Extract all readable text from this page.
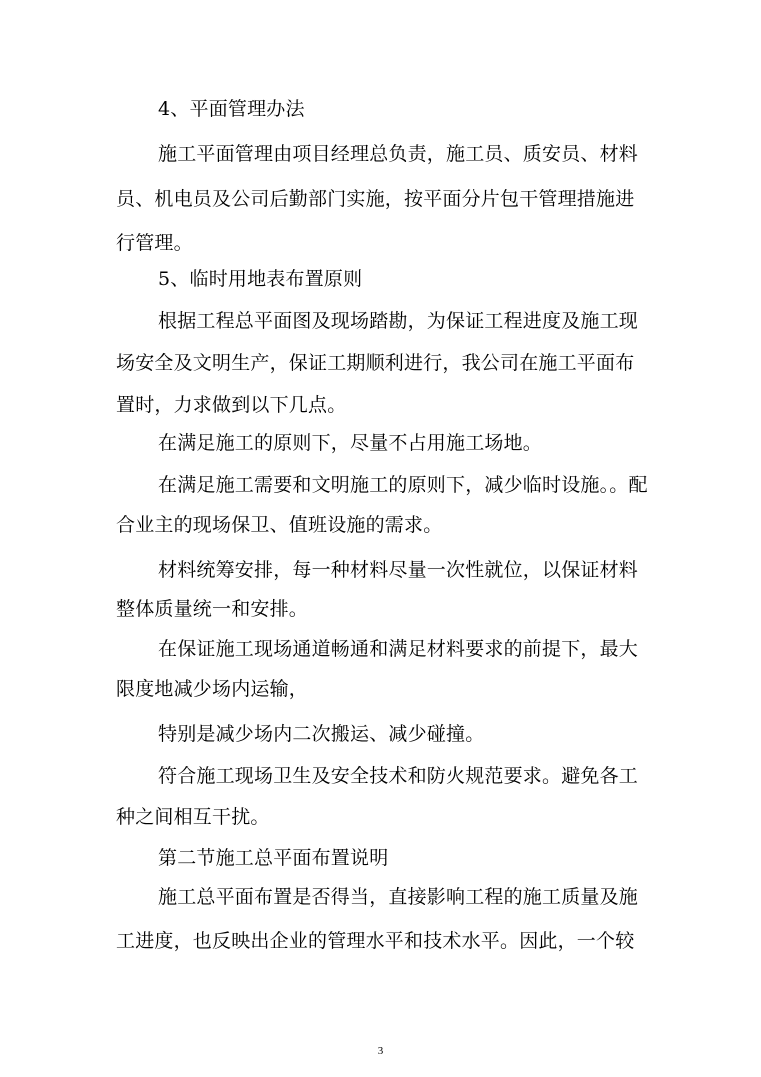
4、平面管理办法
施工平面管理由项目经理总负责，施工员、质安员、材料
员、机电员及公司后勤部门实施，按平面分片包干管理措施进
行管理。
5、临时用地表布置原则
根据工程总平面图及现场踏勘，为保证工程进度及施工现
场安全及文明生产，保证工期顺利进行，我公司在施工平面布
置时，力求做到以下几点。
在满足施工的原则下，尽量不占用施工场地。
在满足施工需要和文明施工的原则下，减少临时设施。。配
合业主的现场保卫、值班设施的需求。
材料统筹安排，每一种材料尽量一次性就位，以保证材料
整体质量统一和安排。
在保证施工现场通道畅通和满足材料要求的前提下，最大
限度地减少场内运输，
特别是减少场内二次搬运、减少碰撞。
符合施工现场卫生及安全技术和防火规范要求。避免各工
种之间相互干扰。
第二节施工总平面布置说明
施工总平面布置是否得当，直接影响工程的施工质量及施
工进度，也反映出企业的管理水平和技术水平。因此，一个较
3
